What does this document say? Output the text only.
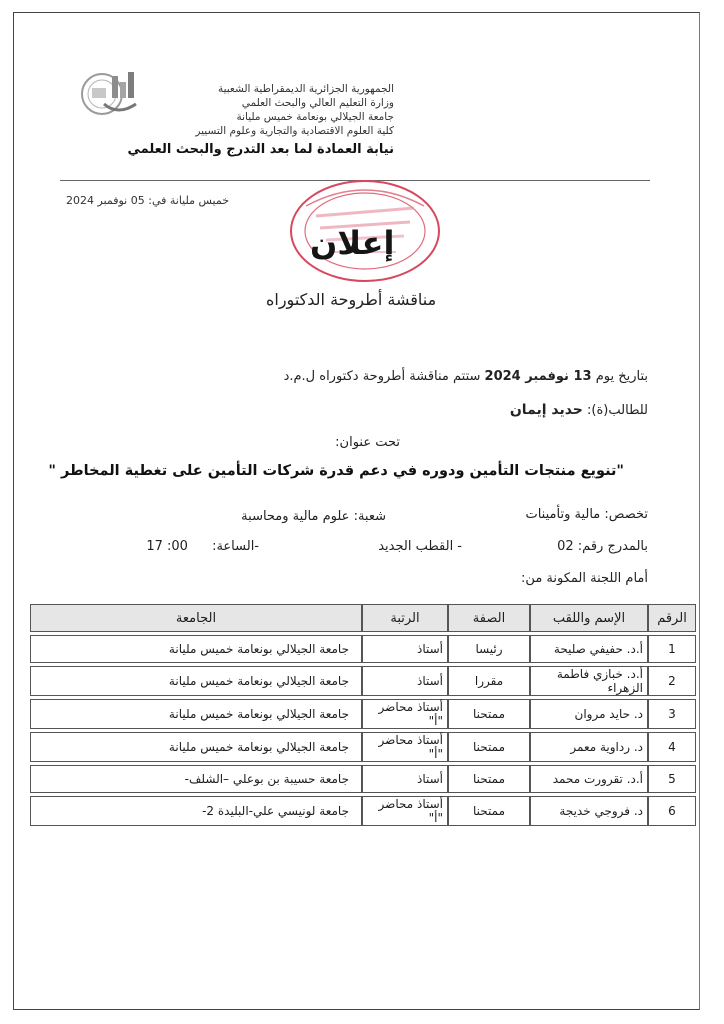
الجمهورية الجزائرية الديمقراطية الشعبية
وزارة التعليم العالي والبحث العلمي
جامعة الجيلالي بونعامة خميس مليانة
كلية العلوم الاقتصادية والتجارية وعلوم التسيير
نيابة العمادة لما بعد التدرج والبحث العلمي
خميس مليانة في: 05 نوفمبر 2024
إعلان
مناقشة أطروحة الدكتوراه
بتاريخ يوم 13 نوفمبر 2024 ستتم مناقشة أطروحة دكتوراه ل.م.د
للطالب(ة): حديد إيمان
تحت عنوان:
"تنويع منتجات التأمين ودوره في دعم قدرة شركات التأمين على تغطية المخاطر "
تخصص: مالية وتأمينات
شعبة: علوم مالية ومحاسبة
بالمدرج رقم: 02
- القطب الجديد
-الساعة: 00: 17
أمام اللجنة المكونة من:
الرقم	الإسم واللقب	الصفة	الرتبة	الجامعة
1	أ.د. حفيفي صليحة	رئيسا	أستاذ	جامعة الجيلالي بونعامة خميس مليانة
2	أ.د. خبازي فاطمة الزهراء	مقررا	أستاذ	جامعة الجيلالي بونعامة خميس مليانة
3	د. حايد مروان	ممتحنا	أستاذ محاضر "أ"	جامعة الجيلالي بونعامة خميس مليانة
4	د. رداوية معمر	ممتحنا	أستاذ محاضر "أ"	جامعة الجيلالي بونعامة خميس مليانة
5	أ.د. تقرورت محمد	ممتحنا	أستاذ	جامعة حسيبة بن بوعلي –الشلف-
6	د. فروجي خديجة	ممتحنا	أستاذ محاضر "أ"	جامعة لونيسي علي-البليدة 2-
